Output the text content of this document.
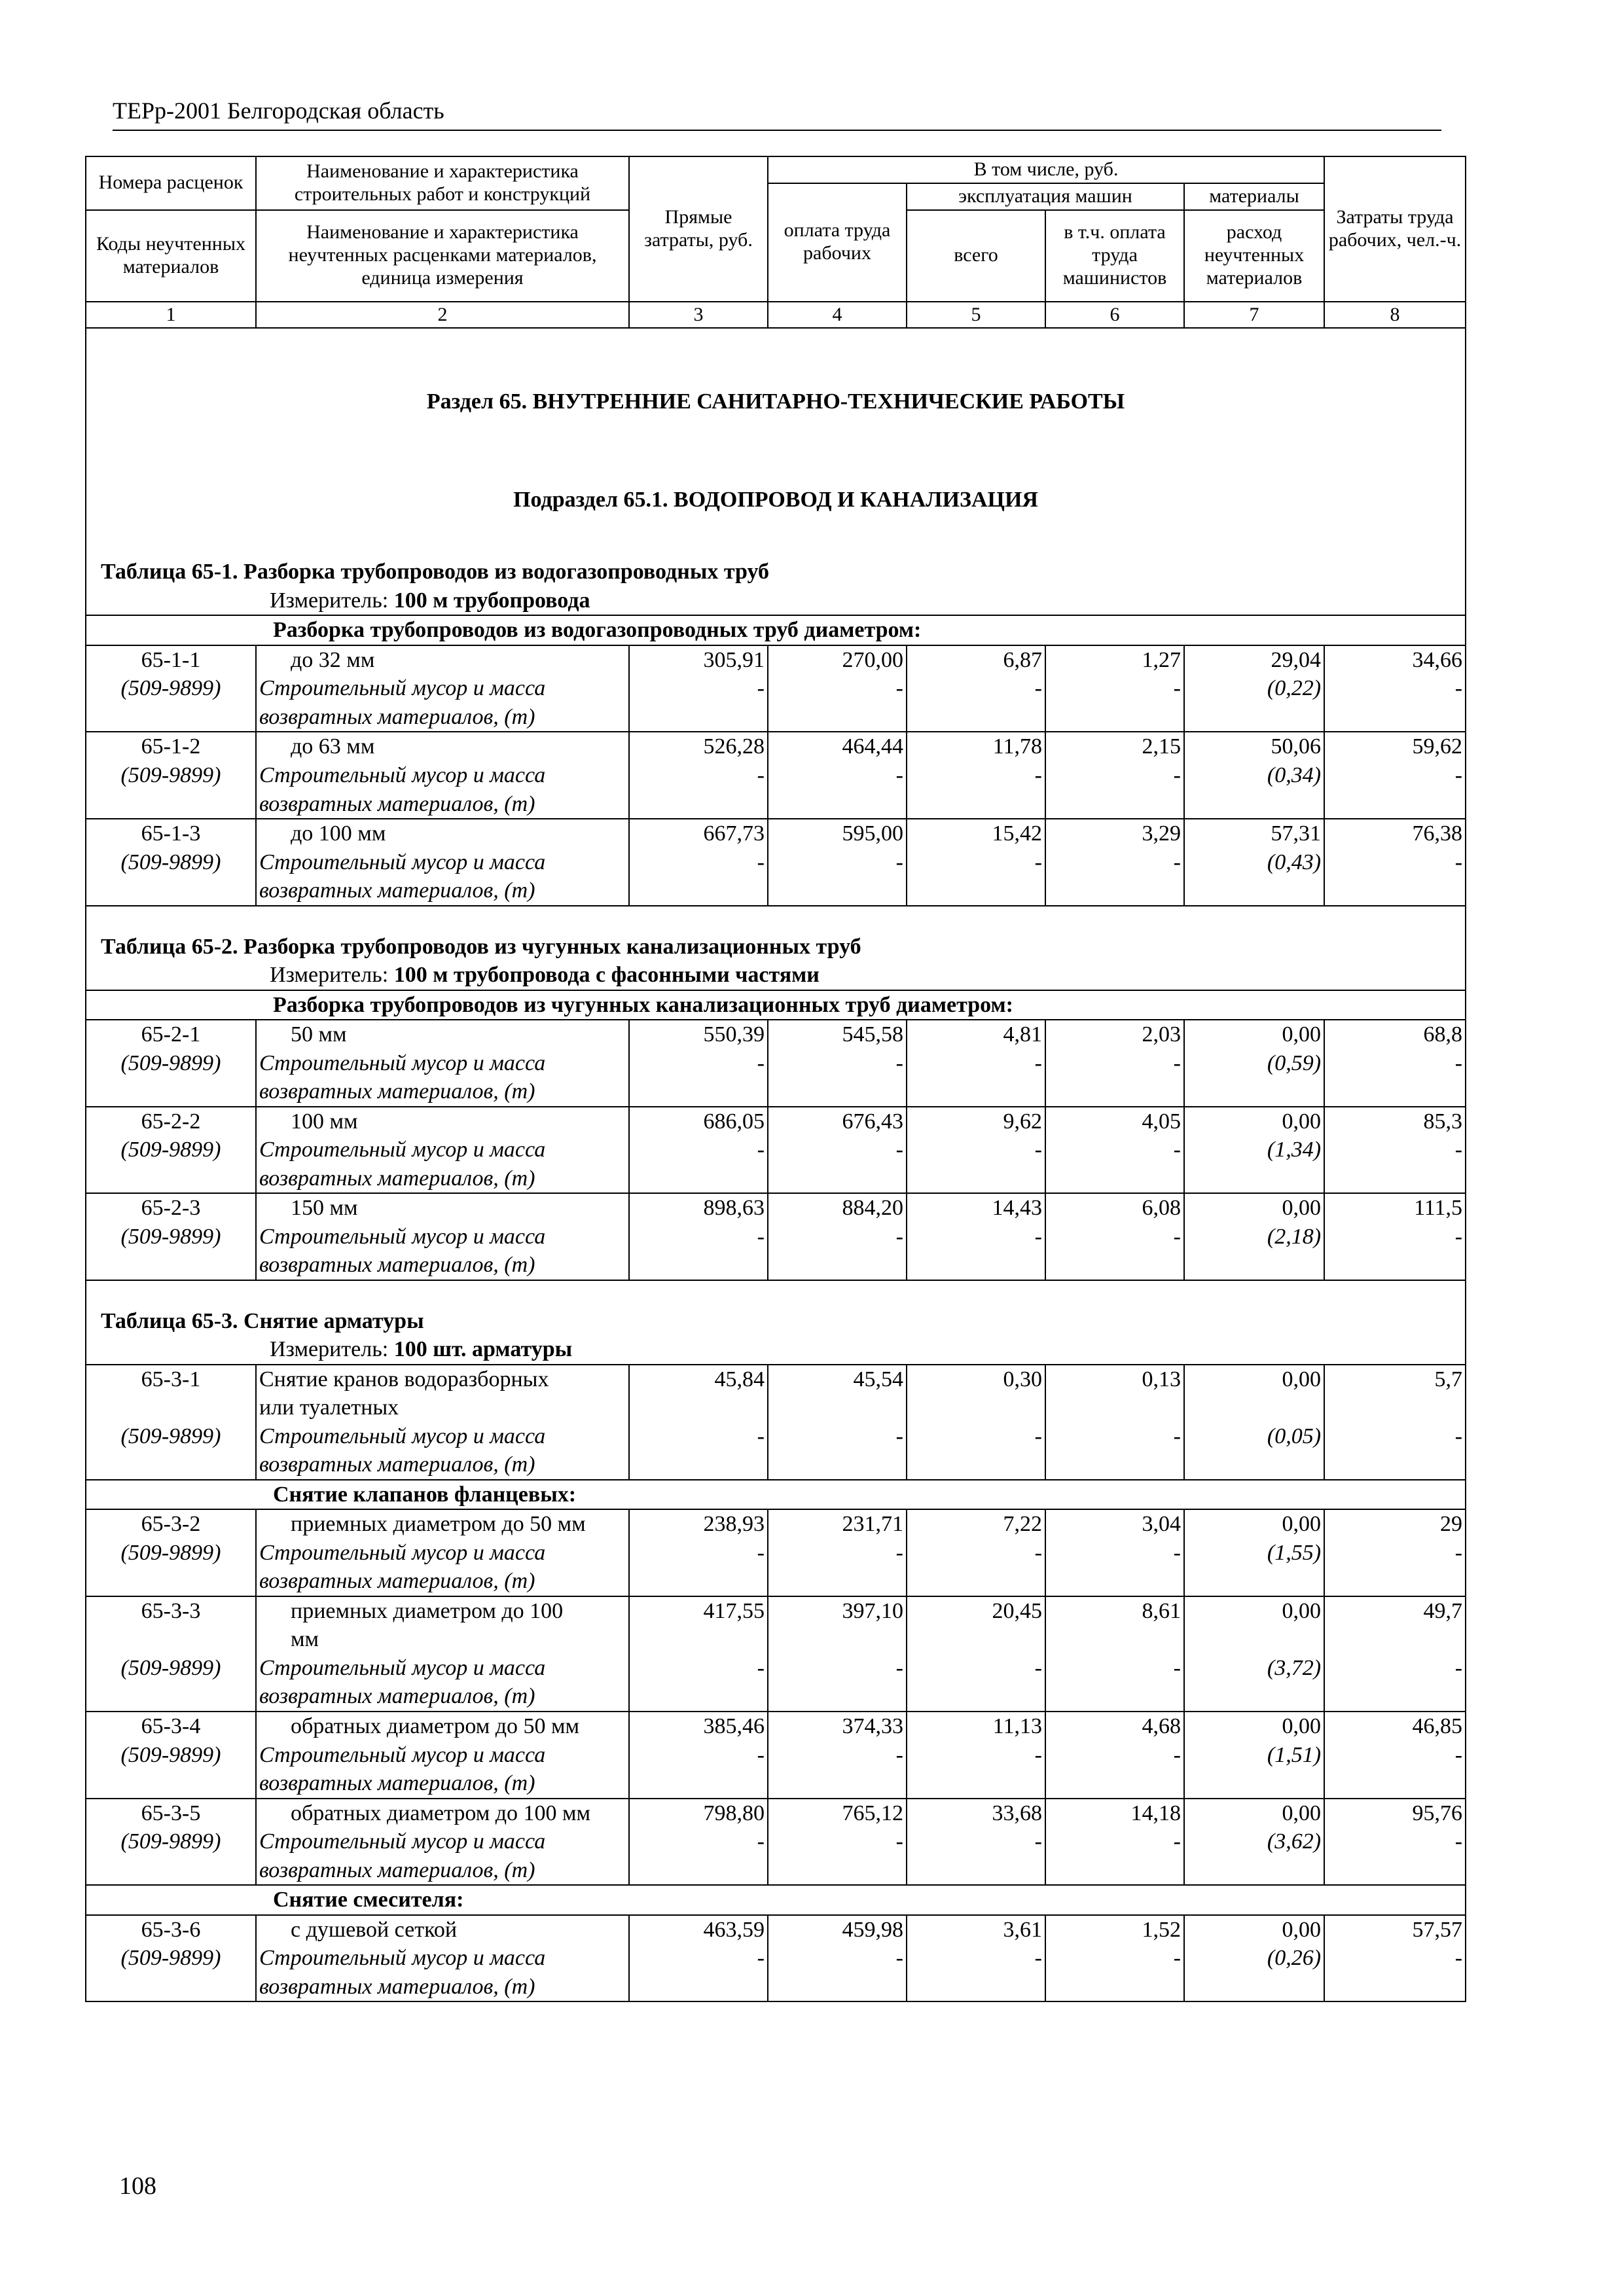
ТЕРр-2001 Белгородская область
Номера расценок	Наименование и характеристика строительных работ и конструкций	Прямые затраты, руб.	В том числе, руб.				Затраты труда рабочих, чел.-ч.
			оплата труда рабочих	эксплуатация машин		материалы	
Коды неучтенных материалов	Наименование и характеристика неучтенных расценками материалов, единица измерения			всего	в т.ч. оплата труда машинистов	расход неучтенных материалов	

1	2	3	4	5	6	7	8

Раздел 65. ВНУТРЕННИЕ САНИТАРНО-ТЕХНИЧЕСКИЕ РАБОТЫ							

Подраздел 65.1. ВОДОПРОВОД И КАНАЛИЗАЦИЯ							

Таблица 65-1. Разборка трубопроводов из водогазопроводных труб							
Измеритель: 100 м трубопровода							
Разборка трубопроводов из водогазопроводных труб диаметром:							
65-1-1	до 32 мм	305,91	270,00	6,87	1,27	29,04	34,66
(509-9899)	Строительный мусор и масса	-	-	-	-	(0,22)	-
	возвратных материалов, (т)						
65-1-2	до 63 мм	526,28	464,44	11,78	2,15	50,06	59,62
(509-9899)	Строительный мусор и масса	-	-	-	-	(0,34)	-
	возвратных материалов, (т)						
65-1-3	до 100 мм	667,73	595,00	15,42	3,29	57,31	76,38
(509-9899)	Строительный мусор и масса	-	-	-	-	(0,43)	-
	возвратных материалов, (т)						

Таблица 65-2. Разборка трубопроводов из чугунных канализационных труб							
Измеритель: 100 м трубопровода с фасонными частями							
Разборка трубопроводов из чугунных канализационных труб диаметром:							
65-2-1	50 мм	550,39	545,58	4,81	2,03	0,00	68,8
(509-9899)	Строительный мусор и масса	-	-	-	-	(0,59)	-
	возвратных материалов, (т)						
65-2-2	100 мм	686,05	676,43	9,62	4,05	0,00	85,3
(509-9899)	Строительный мусор и масса	-	-	-	-	(1,34)	-
	возвратных материалов, (т)						
65-2-3	150 мм	898,63	884,20	14,43	6,08	0,00	111,5
(509-9899)	Строительный мусор и масса	-	-	-	-	(2,18)	-
	возвратных материалов, (т)						

Таблица 65-3. Снятие арматуры							
Измеритель: 100 шт. арматуры							
65-3-1	Снятие кранов водоразборных	45,84	45,54	0,30	0,13	0,00	5,7
	или туалетных						
(509-9899)	Строительный мусор и масса	-	-	-	-	(0,05)	-
	возвратных материалов, (т)						
Снятие клапанов фланцевых:							
65-3-2	приемных диаметром до 50 мм	238,93	231,71	7,22	3,04	0,00	29
(509-9899)	Строительный мусор и масса	-	-	-	-	(1,55)	-
	возвратных материалов, (т)						
65-3-3	приемных диаметром до 100	417,55	397,10	20,45	8,61	0,00	49,7
	мм						
(509-9899)	Строительный мусор и масса	-	-	-	-	(3,72)	-
	возвратных материалов, (т)						
65-3-4	обратных диаметром до 50 мм	385,46	374,33	11,13	4,68	0,00	46,85
(509-9899)	Строительный мусор и масса	-	-	-	-	(1,51)	-
	возвратных материалов, (т)						
65-3-5	обратных диаметром до 100 мм	798,80	765,12	33,68	14,18	0,00	95,76
(509-9899)	Строительный мусор и масса	-	-	-	-	(3,62)	-
	возвратных материалов, (т)						
Снятие смесителя:							
65-3-6	с душевой сеткой	463,59	459,98	3,61	1,52	0,00	57,57
(509-9899)	Строительный мусор и масса	-	-	-	-	(0,26)	-
	возвратных материалов, (т)						
108
